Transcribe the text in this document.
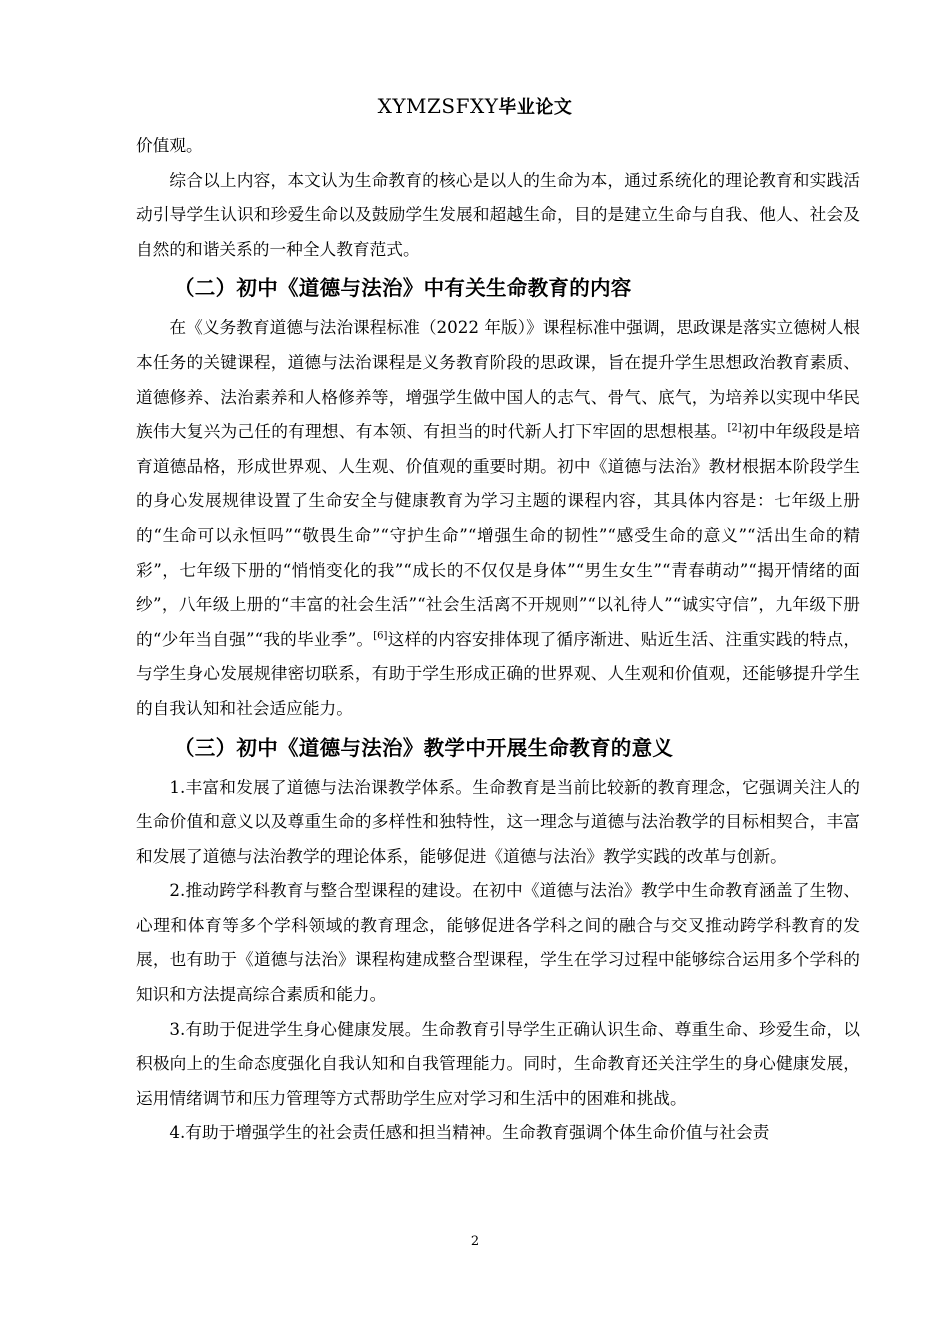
XYMZSFXY毕业论文

价值观。

综合以上内容，本文认为生命教育的核心是以人的生命为本，通过系统化的理论教育和实践活动引导学生认识和珍爱生命以及鼓励学生发展和超越生命，目的是建立生命与自我、他人、社会及自然的和谐关系的一种全人教育范式。

（二）初中《道德与法治》中有关生命教育的内容

在《义务教育道德与法治课程标准（2022 年版）》课程标准中强调，思政课是落实立德树人根本任务的关键课程，道德与法治课程是义务教育阶段的思政课，旨在提升学生思想政治教育素质、道德修养、法治素养和人格修养等，增强学生做中国人的志气、骨气、底气，为培养以实现中华民族伟大复兴为己任的有理想、有本领、有担当的时代新人打下牢固的思想根基。[2]初中年级段是培育道德品格，形成世界观、人生观、价值观的重要时期。初中《道德与法治》教材根据本阶段学生的身心发展规律设置了生命安全与健康教育为学习主题的课程内容，其具体内容是：七年级上册的“生命可以永恒吗”“敬畏生命”“守护生命”“增强生命的韧性”“感受生命的意义”“活出生命的精彩”，七年级下册的“悄悄变化的我”“成长的不仅仅是身体”“男生女生”“青春萌动”“揭开情绪的面纱”，八年级上册的“丰富的社会生活”“社会生活离不开规则”“以礼待人”“诚实守信”，九年级下册的“少年当自强”“我的毕业季”。[6]这样的内容安排体现了循序渐进、贴近生活、注重实践的特点，与学生身心发展规律密切联系，有助于学生形成正确的世界观、人生观和价值观，还能够提升学生的自我认知和社会适应能力。

（三）初中《道德与法治》教学中开展生命教育的意义

1.丰富和发展了道德与法治课教学体系。生命教育是当前比较新的教育理念，它强调关注人的生命价值和意义以及尊重生命的多样性和独特性，这一理念与道德与法治教学的目标相契合，丰富和发展了道德与法治教学的理论体系，能够促进《道德与法治》教学实践的改革与创新。

2.推动跨学科教育与整合型课程的建设。在初中《道德与法治》教学中生命教育涵盖了生物、心理和体育等多个学科领域的教育理念，能够促进各学科之间的融合与交叉推动跨学科教育的发展，也有助于《道德与法治》课程构建成整合型课程，学生在学习过程中能够综合运用多个学科的知识和方法提高综合素质和能力。

3.有助于促进学生身心健康发展。生命教育引导学生正确认识生命、尊重生命、珍爱生命，以积极向上的生命态度强化自我认知和自我管理能力。同时，生命教育还关注学生的身心健康发展，运用情绪调节和压力管理等方式帮助学生应对学习和生活中的困难和挑战。

4.有助于增强学生的社会责任感和担当精神。生命教育强调个体生命价值与社会责

2
